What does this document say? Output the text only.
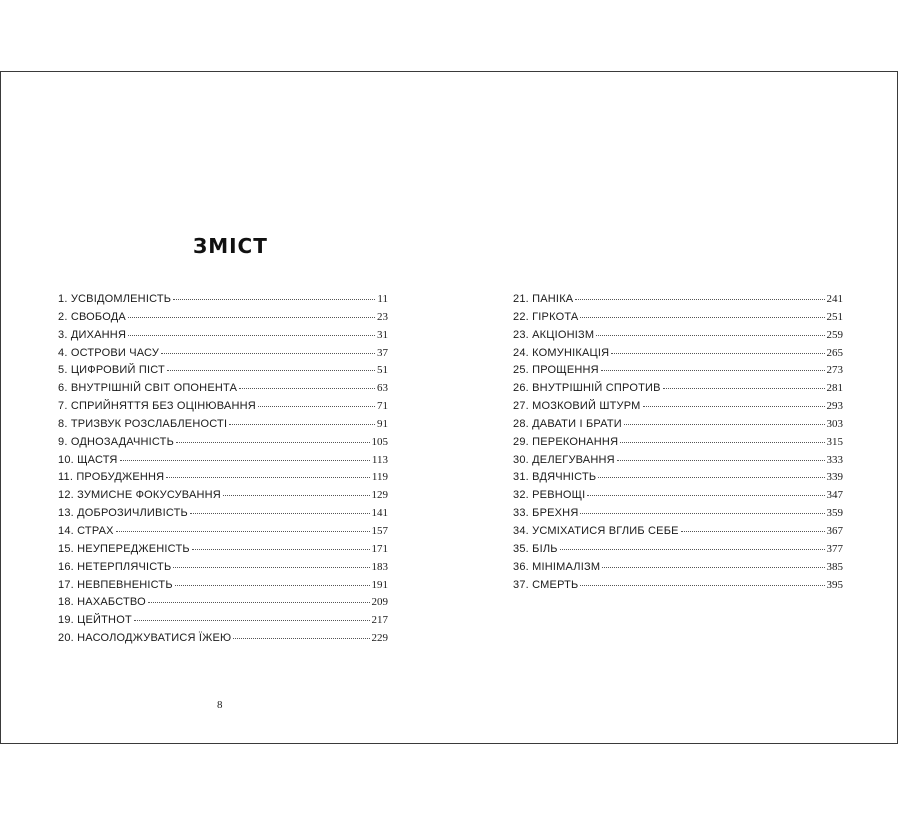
ЗМІСТ
1. УСВІДОМЛЕНІСТЬ	11
2. СВОБОДА	23
3. ДИХАННЯ	31
4. ОСТРОВИ ЧАСУ	37
5. ЦИФРОВИЙ ПІСТ	51
6. ВНУТРІШНІЙ СВІТ ОПОНЕНТА	63
7. СПРИЙНЯТТЯ БЕЗ ОЦІНЮВАННЯ	71
8. ТРИЗВУК РОЗСЛАБЛЕНОСТІ	91
9. ОДНОЗАДАЧНІСТЬ	105
10. ЩАСТЯ	113
11. ПРОБУДЖЕННЯ	119
12. ЗУМИСНЕ ФОКУСУВАННЯ	129
13. ДОБРОЗИЧЛИВІСТЬ	141
14. СТРАХ	157
15. НЕУПЕРЕДЖЕНІСТЬ	171
16. НЕТЕРПЛЯЧІСТЬ	183
17. НЕВПЕВНЕНІСТЬ	191
18. НАХАБСТВО	209
19. ЦЕЙТНОТ	217
20. НАСОЛОДЖУВАТИСЯ ЇЖЕЮ	229
21. ПАНІКА	241
22. ГІРКОТА	251
23. АКЦІОНІЗМ	259
24. КОМУНІКАЦІЯ	265
25. ПРОЩЕННЯ	273
26. ВНУТРІШНІЙ СПРОТИВ	281
27. МОЗКОВИЙ ШТУРМ	293
28. ДАВАТИ І БРАТИ	303
29. ПЕРЕКОНАННЯ	315
30. ДЕЛЕГУВАННЯ	333
31. ВДЯЧНІСТЬ	339
32. РЕВНОЩІ	347
33. БРЕХНЯ	359
34. УСМІХАТИСЯ ВГЛИБ СЕБЕ	367
35. БІЛЬ	377
36. МІНІМАЛІЗМ	385
37. СМЕРТЬ	395
8
